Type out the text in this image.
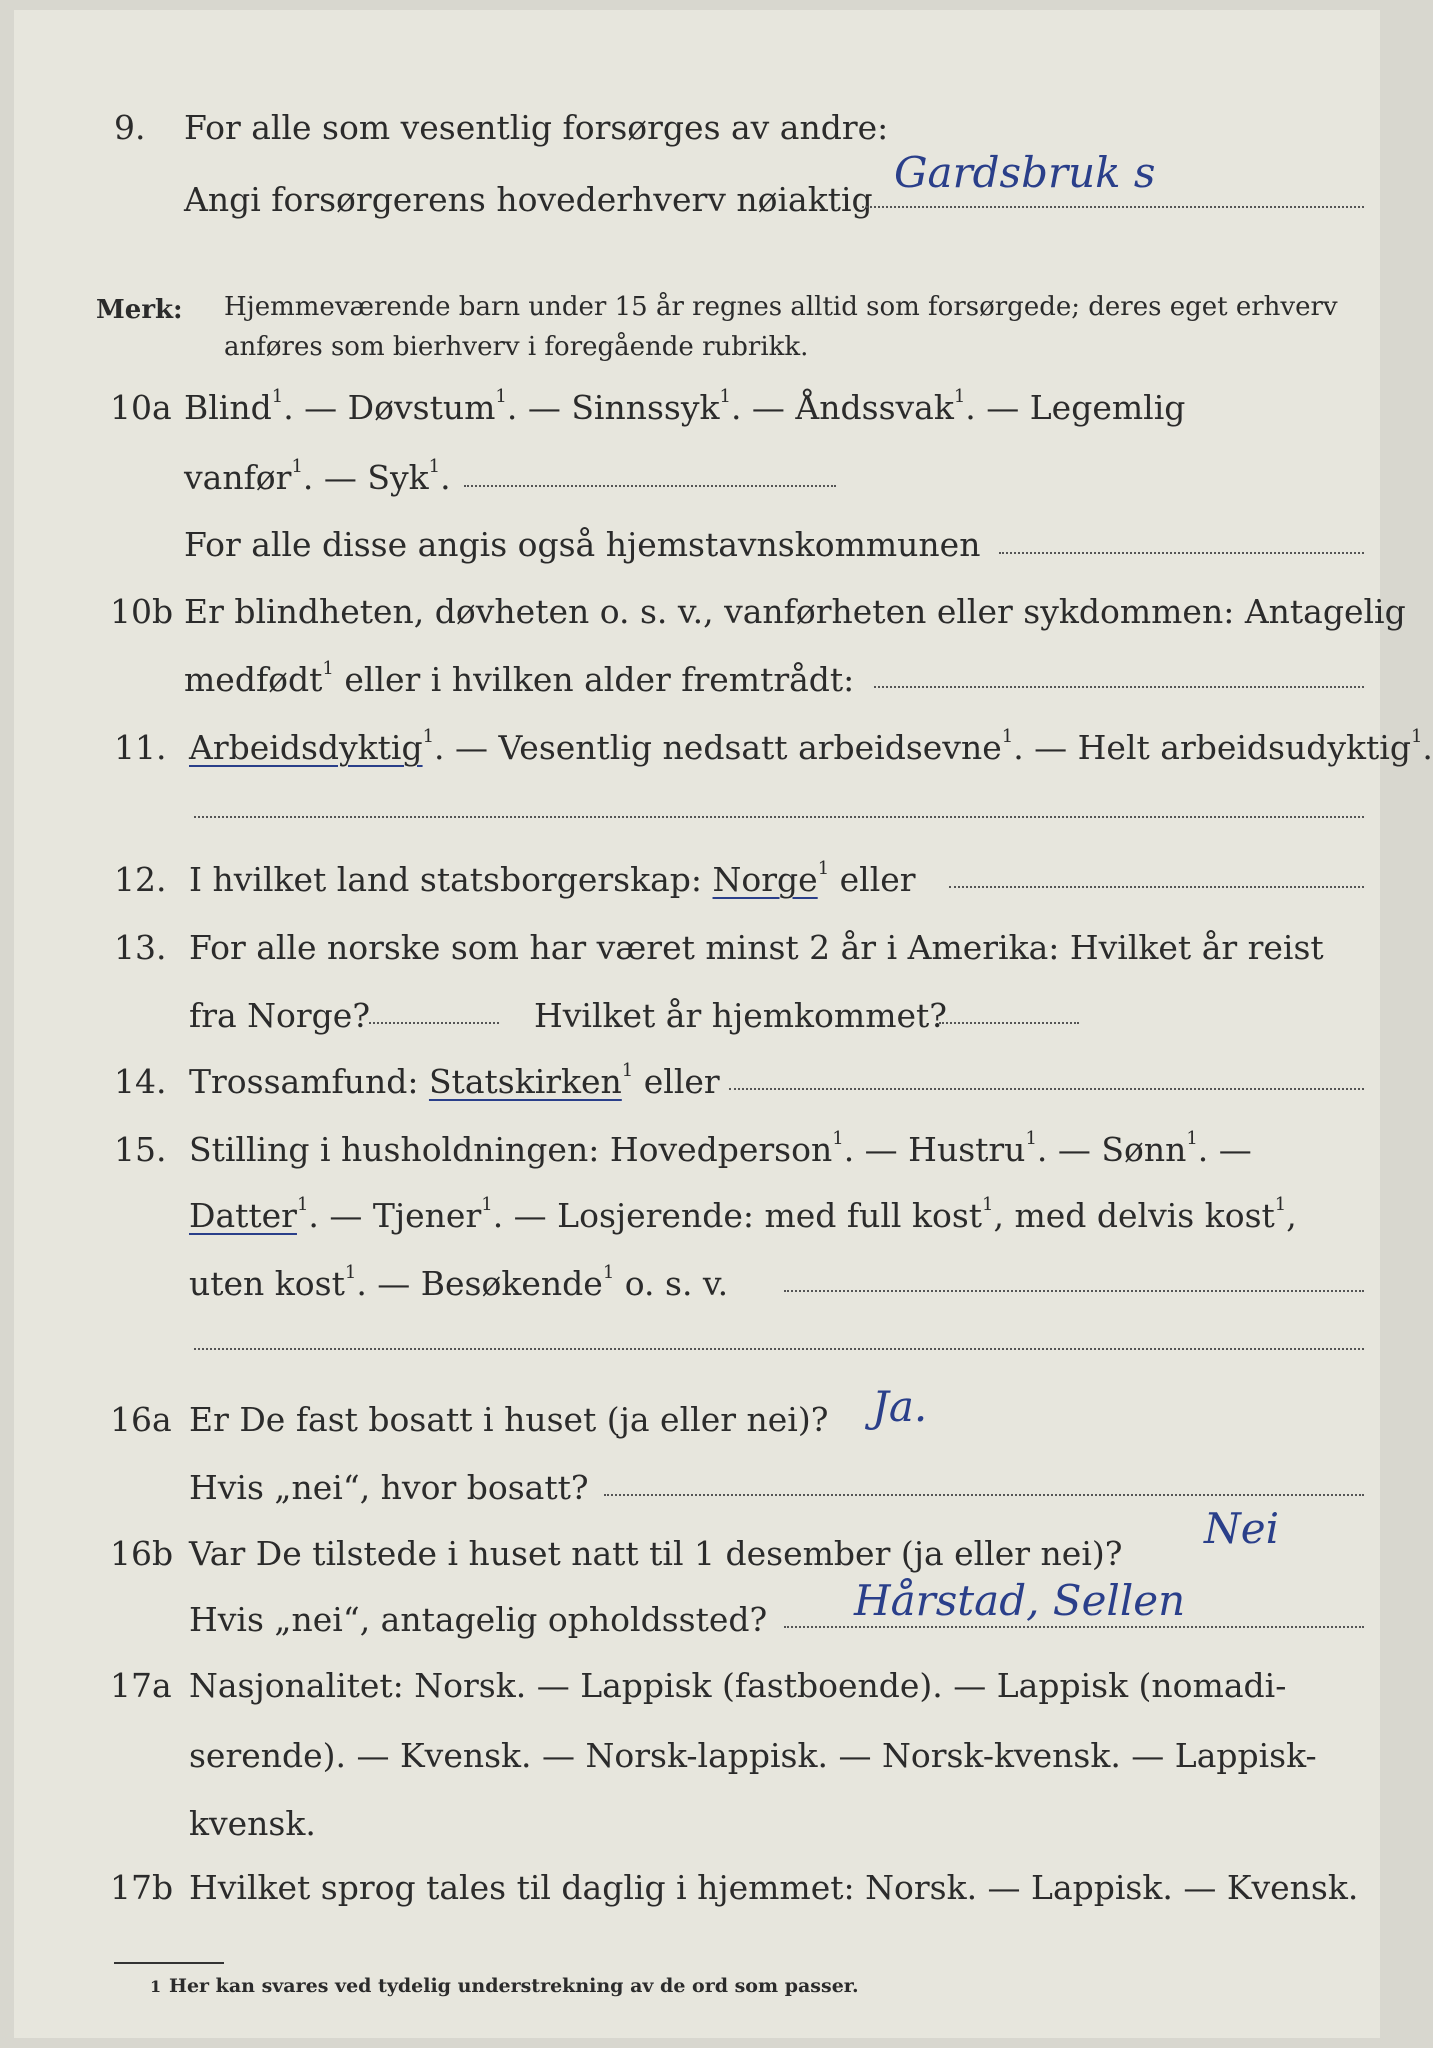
9. For alle som vesentlig forsørges av andre:
Angi forsørgerens hovederhverv nøiaktig
Gardsbruk s
Merk: Hjemmeværende barn under 15 år regnes alltid som forsørgede; deres eget erhverv
anføres som bierhverv i foregående rubrikk.
10a Blind$^1$. — Døvstum$^1$. — Sinnssyk$^1$. — Åndssvak$^1$. — Legemlig
vanfør$^1$. — Syk$^1$.
For alle disse angis også hjemstavnskommunen
10b Er blindheten, døvheten o. s. v., vanførheten eller sykdommen: Antagelig
medfødt$^1$ eller i hvilken alder fremtrådt:
11. Arbeidsdyktig$^1$. — Vesentlig nedsatt arbeidsevne$^1$. — Helt arbeidsudyktig$^1$.
12. I hvilket land statsborgerskap: Norge$^1$ eller
13. For alle norske som har været minst 2 år i Amerika: Hvilket år reist
fra Norge?	Hvilket år hjemkommet?
14. Trossamfund: Statskirken$^1$ eller
15. Stilling i husholdningen: Hovedperson$^1$. — Hustru$^1$. — Sønn$^1$. —
Datter$^1$. — Tjener$^1$. — Losjerende: med full kost$^1$, med delvis kost$^1$,
uten kost$^1$. — Besøkende$^1$ o. s. v.
16a Er De fast bosatt i huset (ja eller nei)? Ja.
Hvis „nei“, hvor bosatt?
16b Var De tilstede i huset natt til 1 desember (ja eller nei)?
Nei
Hvis „nei“, antagelig opholdssted? Hårstad, Sellen
17a Nasjonalitet: Norsk. — Lappisk (fastboende). — Lappisk (nomadi-
serende). — Kvensk. — Norsk-lappisk. — Norsk-kvensk. — Lappisk-
kvensk.
17b Hvilket sprog tales til daglig i hjemmet: Norsk. — Lappisk. — Kvensk.
1 Her kan svares ved tydelig understrekning av de ord som passer.
